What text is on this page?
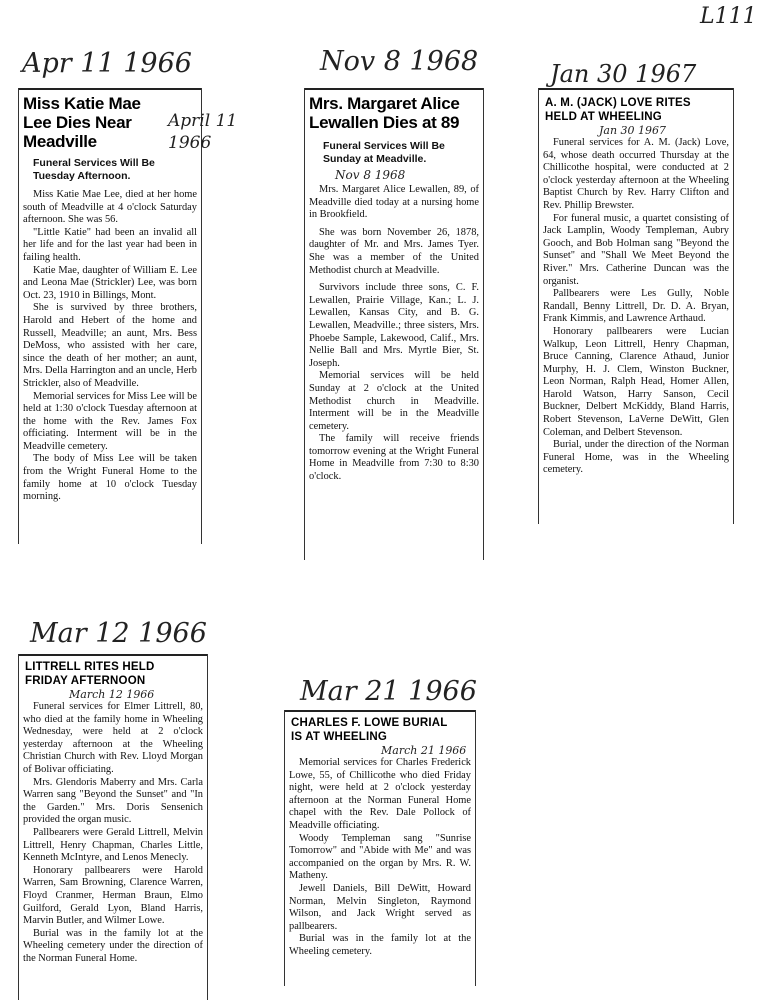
L111
Apr 11 1966	Nov 8 1968	Jan 30 1967
Mar 12 1966
Mar 21 1966
Miss Katie Mae Lee Dies Near Meadville
Funeral Services Will Be Tuesday Afternoon.

Miss Katie Mae Lee, died at her home south of Meadville at 4 o'clock Saturday afternoon. She was 56.

"Little Katie" had been an invalid all her life and for the last year had been in failing health.

Katie Mae, daughter of William E. Lee and Leona Mae (Strickler) Lee, was born Oct. 23, 1910 in Billings, Mont.

She is survived by three brothers, Harold and Hebert of the home and Russell, Meadville; an aunt, Mrs. Bess DeMoss, who assisted with her care, since the death of her mother; an aunt, Mrs. Della Harrington and an uncle, Herb Strickler, also of Meadville.

Memorial services for Miss Lee will be held at 1:30 o'clock Tuesday afternoon at the home with the Rev. James Fox officiating. Interment will be in the Meadville cemetery.

The body of Miss Lee will be taken from the Wright Funeral Home to the family home at 10 o'clock Tuesday morning.

April 11 1966
Mrs. Margaret Alice Lewallen Dies at 89
Funeral Services Will Be Sunday at Meadville.
Nov 8 1968

Mrs. Margaret Alice Lewallen, 89, of Meadville died today at a nursing home in Brookfield.

She was born November 26, 1878, daughter of Mr. and Mrs. James Tyer. She was a member of the United Methodist church at Meadville.

Survivors include three sons, C. F. Lewallen, Prairie Village, Kan.; L. J. Lewallen, Kansas City, and B. G. Lewallen, Meadville.; three sisters, Mrs. Phoebe Sample, Lakewood, Calif., Mrs. Nellie Ball and Mrs. Myrtle Bier, St. Joseph.

Memorial services will be held Sunday at 2 o'clock at the United Methodist church in Meadville. Interment will be in the Meadville cemetery.

The family will receive friends tomorrow evening at the Wright Funeral Home in Meadville from 7:30 to 8:30 o'clock.

A. M. (JACK) LOVE RITES HELD AT WHEELING
Jan 30 1967

Funeral services for A. M. (Jack) Love, 64, whose death occurred Thursday at the Chillicothe hospital, were conducted at 2 o'clock yesterday afternoon at the Wheeling Baptist Church by Rev. Harry Clifton and Rev. Phillip Brewster.

For funeral music, a quartet consisting of Jack Lamplin, Woody Templeman, Aubry Gooch, and Bob Holman sang "Beyond the Sunset" and "Shall We Meet Beyond the River." Mrs. Catherine Duncan was the organist.

Pallbearers were Les Gully, Noble Randall, Benny Littrell, Dr. D. A. Bryan, Frank Kimmis, and Lawrence Arthaud.

Honorary pallbearers were Lucian Walkup, Leon Littrell, Henry Chapman, Bruce Canning, Clarence Athaud, Junior Murphy, H. J. Clem, Winston Buckner, Leon Norman, Ralph Head, Homer Allen, Harold Watson, Harry Sanson, Cecil Buckner, Delbert McKiddy, Bland Harris, Robert Stevenson, LaVerne DeWitt, Glen Coleman, and Delbert Stevenson.

Burial, under the direction of the Norman Funeral Home, was in the Wheeling cemetery.

LITTRELL RITES HELD FRIDAY AFTERNOON
March 12 1966

Funeral services for Elmer Littrell, 80, who died at the family home in Wheeling Wednesday, were held at 2 o'clock yesterday afternoon at the Wheeling Christian Church with Rev. Lloyd Morgan of Bolivar officiating.

Mrs. Glendoris Maberry and Mrs. Carla Warren sang "Beyond the Sunset" and "In the Garden." Mrs. Doris Sensenich provided the organ music.

Pallbearers were Gerald Littrell, Melvin Littrell, Henry Chapman, Charles Little, Kenneth McIntyre, and Lenos Menecly.

Honorary pallbearers were Harold Warren, Sam Browning, Clarence Warren, Floyd Cranmer, Herman Braun, Elmo Guilford, Gerald Lyon, Bland Harris, Marvin Butler, and Wilmer Lowe.

Burial was in the family lot at the Wheeling cemetery under the direction of the Norman Funeral Home.

CHARLES F. LOWE BURIAL IS AT WHEELING
March 21 1966

Memorial services for Charles Frederick Lowe, 55, of Chillicothe who died Friday night, were held at 2 o'clock yesterday afternoon at the Norman Funeral Home chapel with the Rev. Dale Pollock of Meadville officiating.

Woody Templeman sang "Sunrise Tomorrow" and "Abide with Me" and was accompanied on the organ by Mrs. R. W. Matheny.

Jewell Daniels, Bill DeWitt, Howard Norman, Melvin Singleton, Raymond Wilson, and Jack Wright served as pallbearers.

Burial was in the family lot at the Wheeling cemetery.
